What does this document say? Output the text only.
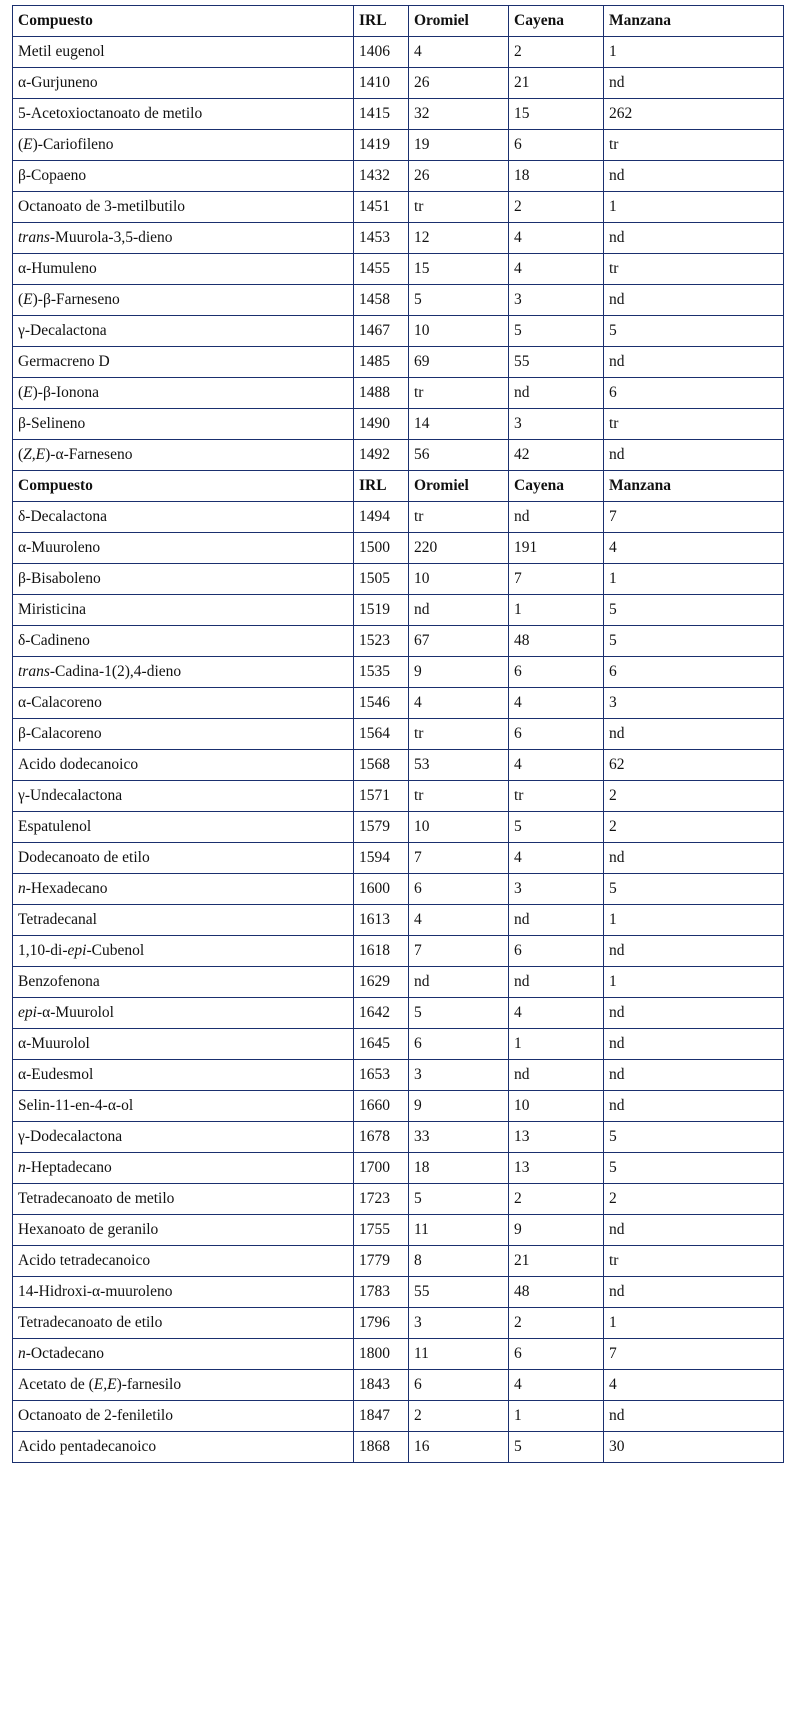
Compuesto	IRL	Oromiel	Cayena	Manzana
Metil eugenol	1406	4	2	1
α-Gurjuneno	1410	26	21	nd
5-Acetoxioctanoato de metilo	1415	32	15	262
(E)-Cariofileno	1419	19	6	tr
β-Copaeno	1432	26	18	nd
Octanoato de 3-metilbutilo	1451	tr	2	1
trans-Muurola-3,5-dieno	1453	12	4	nd
α-Humuleno	1455	15	4	tr
(E)-β-Farneseno	1458	5	3	nd
γ-Decalactona	1467	10	5	5
Germacreno D	1485	69	55	nd
(E)-β-Ionona	1488	tr	nd	6
β-Selineno	1490	14	3	tr
(Z,E)-α-Farneseno	1492	56	42	nd
Compuesto	IRL	Oromiel	Cayena	Manzana
δ-Decalactona	1494	tr	nd	7
α-Muuroleno	1500	220	191	4
β-Bisaboleno	1505	10	7	1
Miristicina	1519	nd	1	5
δ-Cadineno	1523	67	48	5
trans-Cadina-1(2),4-dieno	1535	9	6	6
α-Calacoreno	1546	4	4	3
β-Calacoreno	1564	tr	6	nd
Acido dodecanoico	1568	53	4	62
γ-Undecalactona	1571	tr	tr	2
Espatulenol	1579	10	5	2
Dodecanoato de etilo	1594	7	4	nd
n-Hexadecano	1600	6	3	5
Tetradecanal	1613	4	nd	1
1,10-di-epi-Cubenol	1618	7	6	nd
Benzofenona	1629	nd	nd	1
epi-α-Muurolol	1642	5	4	nd
α-Muurolol	1645	6	1	nd
α-Eudesmol	1653	3	nd	nd
Selin-11-en-4-α-ol	1660	9	10	nd
γ-Dodecalactona	1678	33	13	5
n-Heptadecano	1700	18	13	5
Tetradecanoato de metilo	1723	5	2	2
Hexanoato de geranilo	1755	11	9	nd
Acido tetradecanoico	1779	8	21	tr
14-Hidroxi-α-muuroleno	1783	55	48	nd
Tetradecanoato de etilo	1796	3	2	1
n-Octadecano	1800	11	6	7
Acetato de (E,E)-farnesilo	1843	6	4	4
Octanoato de 2-feniletilo	1847	2	1	nd
Acido pentadecanoico	1868	16	5	30
